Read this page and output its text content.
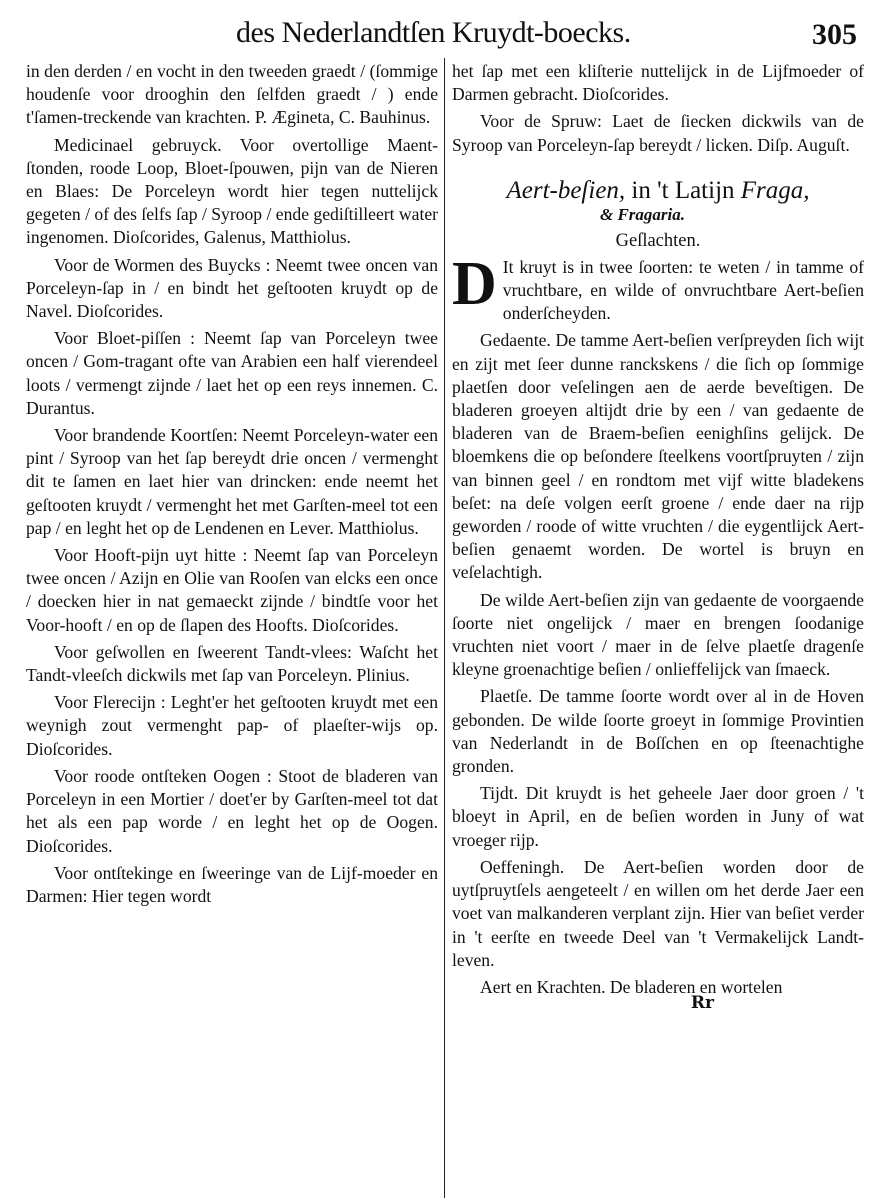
des Nederlandtſen Kruydt-boecks.	305

in den derden / en vocht in den tweeden graedt / (ſommige houdenſe voor drooghin den ſelfden graedt / ) ende t'ſamen-treckende van krachten. P. Ægineta, C. Bauhinus.

Medicinael gebruyck. Voor overtollige Maent-ſtonden, roode Loop, Bloet-ſpouwen, pijn van de Nieren en Blaes: De Porceleyn wordt hier tegen nuttelijck gegeten / of des ſelfs ſap / Syroop / ende gediſtilleert water ingenomen. Dioſcorides, Galenus, Matthiolus.

Voor de Wormen des Buycks : Neemt twee oncen van Porceleyn-ſap in / en bindt het geſtooten kruydt op de Navel. Dioſcorides.

Voor Bloet-piſſen : Neemt ſap van Porceleyn twee oncen / Gom-tragant ofte van Arabien een half vierendeel loots / vermengt zijnde / laet het op een reys innemen. C. Durantus.

Voor brandende Koortſen: Neemt Porceleyn-water een pint / Syroop van het ſap bereydt drie oncen / vermenght dit te ſamen en laet hier van drincken: ende neemt het geſtooten kruydt / vermenght het met Garſten-meel tot een pap / en leght het op de Lendenen en Lever. Matthiolus.

Voor Hooft-pijn uyt hitte : Neemt ſap van Porceleyn twee oncen / Azijn en Olie van Rooſen van elcks een once / doecken hier in nat gemaeckt zijnde / bindtſe voor het Voor-hooft / en op de ſlapen des Hoofts. Dioſcorides.

Voor geſwollen en ſweerent Tandt-vlees: Waſcht het Tandt-vleeſch dickwils met ſap van Porceleyn. Plinius.

Voor Flerecijn : Leght'er het geſtooten kruydt met een weynigh zout vermenght pap- of plaeſter-wijs op. Dioſcorides.

Voor roode ontſteken Oogen : Stoot de bladeren van Porceleyn in een Mortier / doet'er by Garſten-meel tot dat het als een pap worde / en leght het op de Oogen. Dioſcorides.

Voor ontſtekinge en ſweeringe van de Lijf-moeder en Darmen: Hier tegen wordt

het ſap met een kliſterie nuttelijck in de Lijfmoeder of Darmen gebracht. Dioſcorides.

Voor de Spruw: Laet de ſiecken dickwils van de Syroop van Porceleyn-ſap bereydt / licken. Diſp. Auguſt.

Aert-beſien, in 't Latijn Fraga,
& Fragaria.
Geſlachten.

D It kruyt is in twee ſoorten: te weten / in tamme of vruchtbare, en wilde of onvruchtbare Aert-beſien onderſcheyden.

Gedaente. De tamme Aert-beſien verſpreyden ſich wijt en zijt met ſeer dunne ranckskens / die ſich op ſommige plaetſen door veſelingen aen de aerde beveſtigen. De bladeren groeyen altijdt drie by een / van gedaente de bladeren van de Braem-beſien eenighſins gelijck. De bloemkens die op beſondere ſteelkens voortſpruyten / zijn van binnen geel / en rondtom met vijf witte bladekens beſet: na deſe volgen eerſt groene / ende daer na rijp geworden / roode of witte vruchten / die eygentlijck Aert-beſien genaemt worden. De wortel is bruyn en veſelachtigh.

De wilde Aert-beſien zijn van gedaente de voorgaende ſoorte niet ongelijck / maer en brengen ſoodanige vruchten niet voort / maer in de ſelve plaetſe dragenſe kleyne groenachtige beſien / onlieffelijck van ſmaeck.

Plaetſe. De tamme ſoorte wordt over al in de Hoven gebonden. De wilde ſoorte groeyt in ſommige Provintien van Nederlandt in de Boſſchen en op ſteenachtighe gronden.

Tijdt. Dit kruydt is het geheele Jaer door groen / 't bloeyt in April, en de beſien worden in Juny of wat vroeger rijp.

Oeffeningh. De Aert-beſien worden door de uytſpruytſels aengeteelt / en willen om het derde Jaer een voet van malkanderen verplant zijn. Hier van beſiet verder in 't eerſte en tweede Deel van 't Vermakelijck Landt-leven.

Aert en Krachten. De bladeren en wortelen

Rr
